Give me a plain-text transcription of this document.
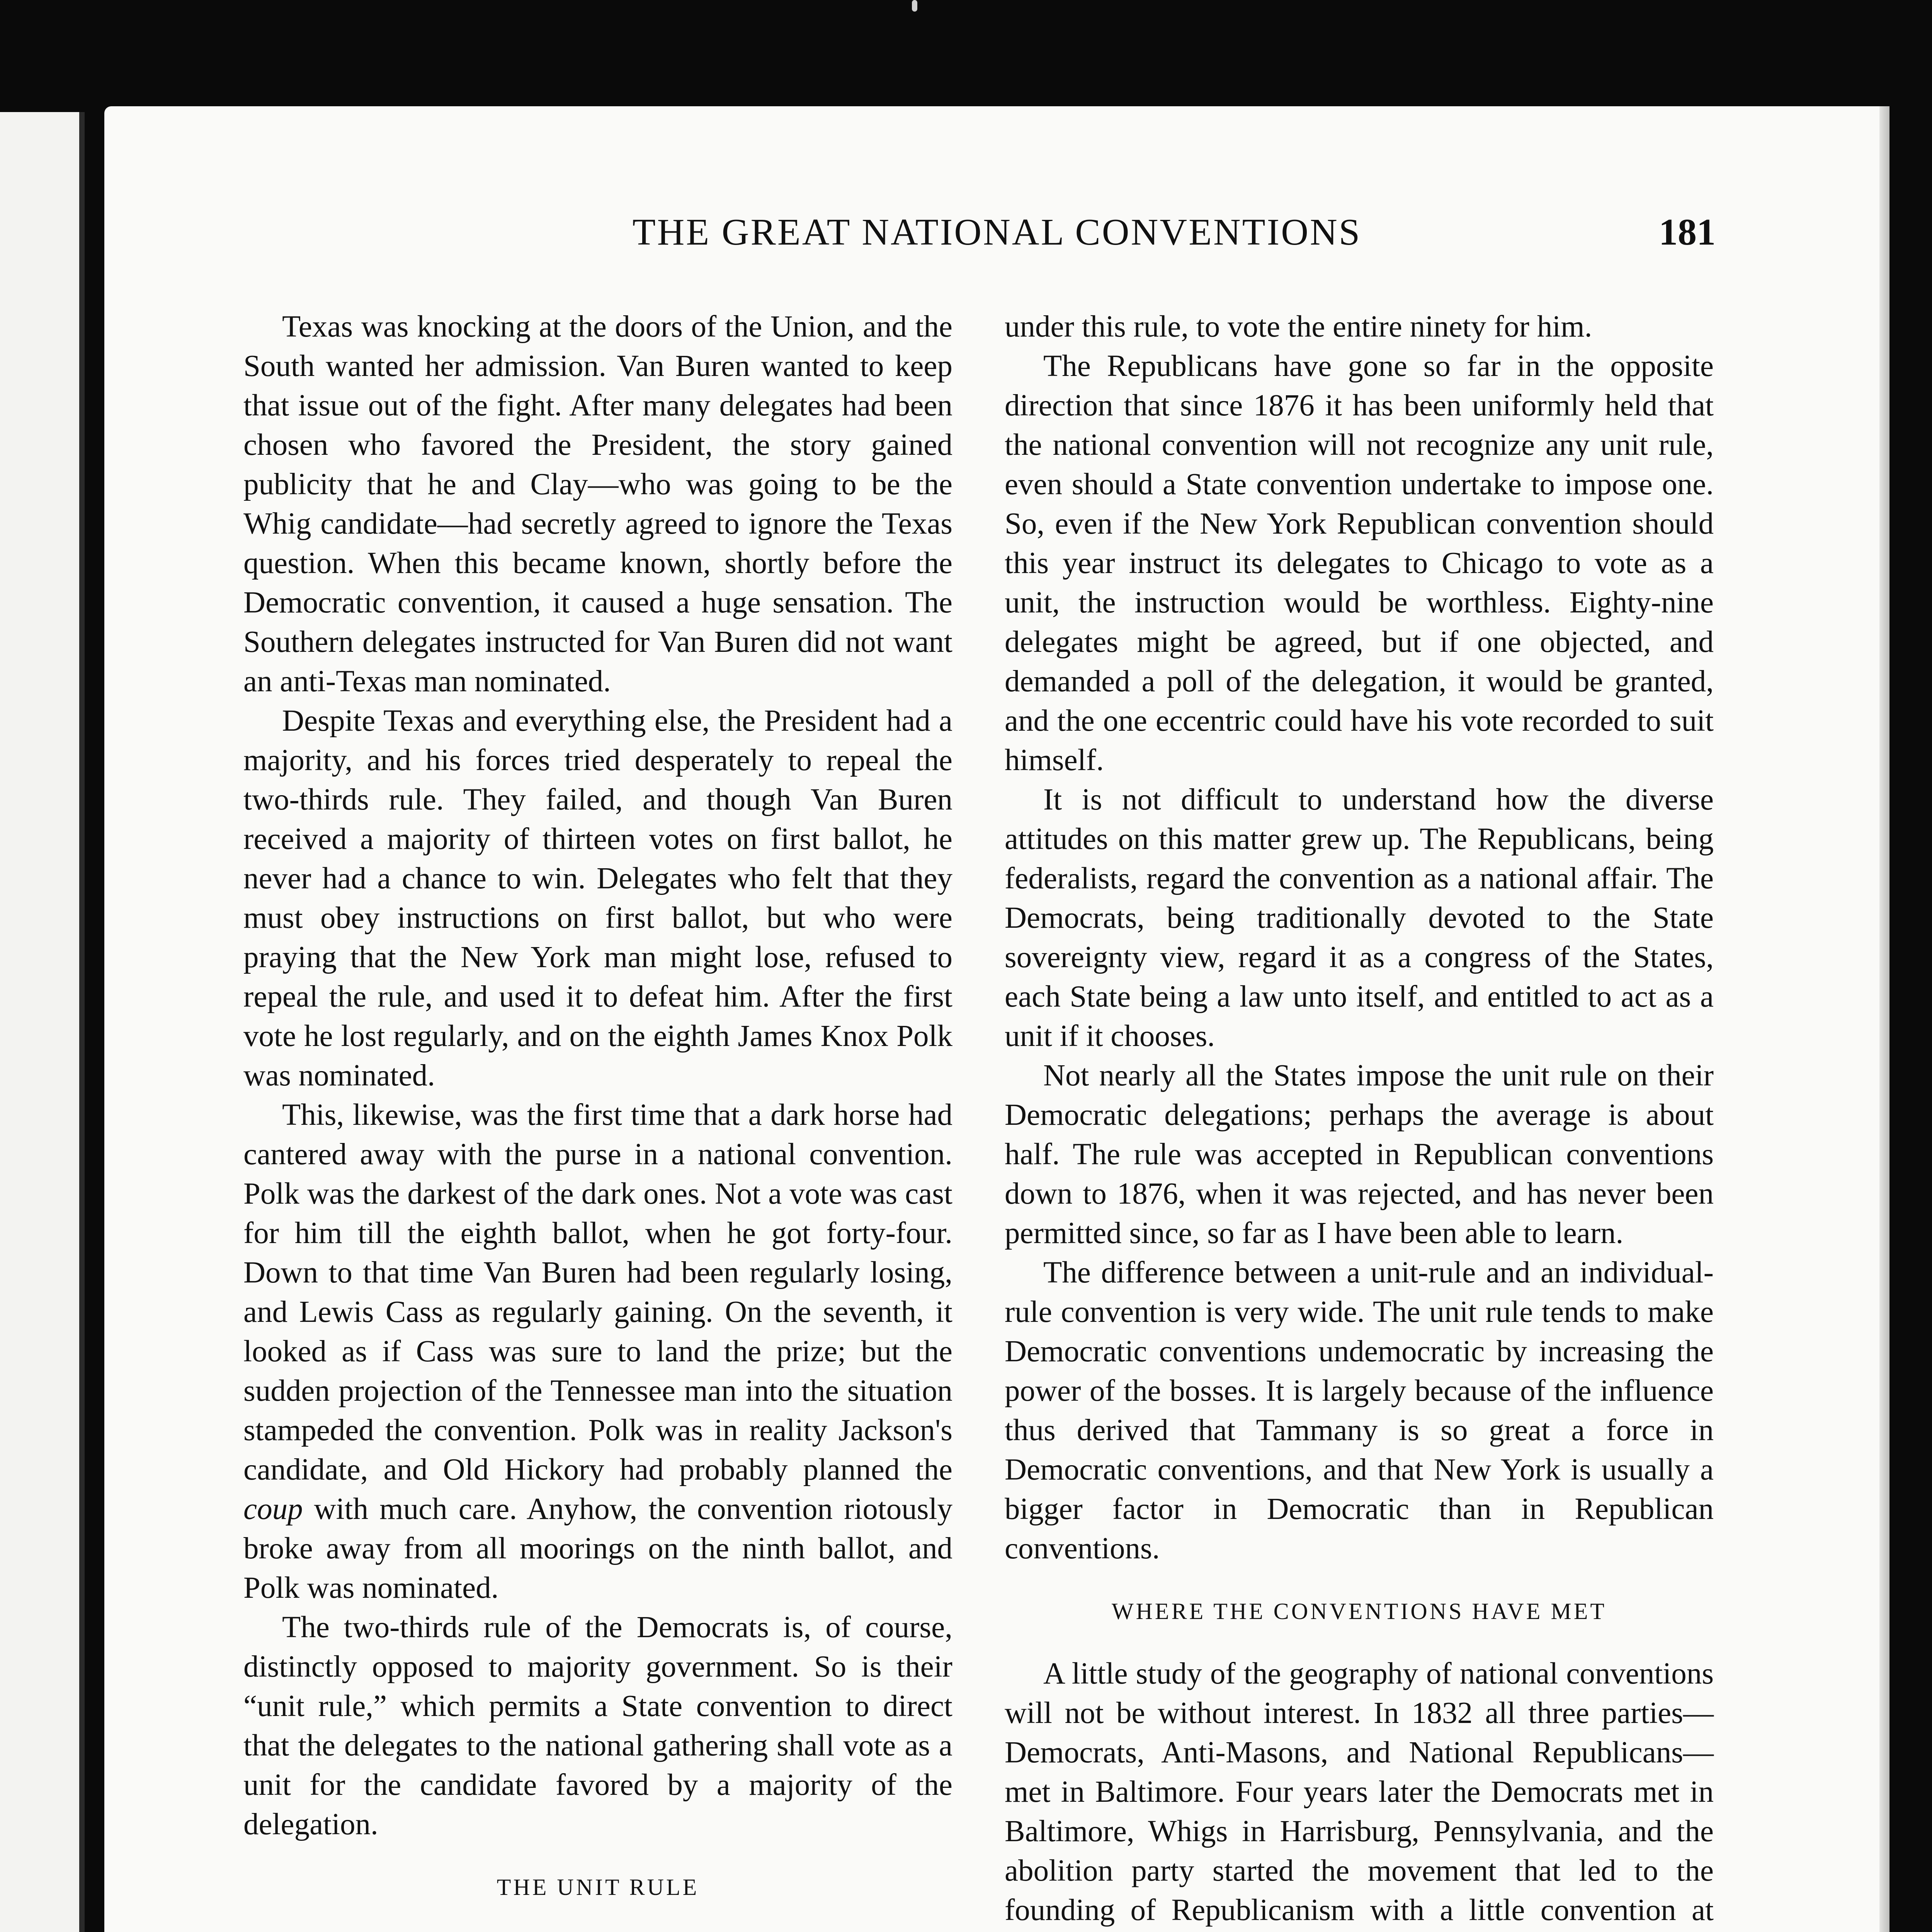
THE GREAT NATIONAL CONVENTIONS	181

Texas was knocking at the doors of the Union, and the South wanted her admission. Van Buren wanted to keep that issue out of the fight. After many delegates had been chosen who favored the President, the story gained publicity that he and Clay—who was going to be the Whig candidate—had secretly agreed to ignore the Texas question. When this became known, shortly before the Democratic convention, it caused a huge sensation. The Southern delegates instructed for Van Buren did not want an anti-Texas man nominated.

Despite Texas and everything else, the President had a majority, and his forces tried desperately to repeal the two-thirds rule. They failed, and though Van Buren received a majority of thirteen votes on first ballot, he never had a chance to win. Delegates who felt that they must obey instructions on first ballot, but who were praying that the New York man might lose, refused to repeal the rule, and used it to defeat him. After the first vote he lost regularly, and on the eighth James Knox Polk was nominated.

This, likewise, was the first time that a dark horse had cantered away with the purse in a national convention. Polk was the darkest of the dark ones. Not a vote was cast for him till the eighth ballot, when he got forty-four. Down to that time Van Buren had been regularly losing, and Lewis Cass as regularly gaining. On the seventh, it looked as if Cass was sure to land the prize; but the sudden projection of the Tennessee man into the situation stampeded the convention. Polk was in reality Jackson's candidate, and Old Hickory had probably planned the coup with much care. Anyhow, the convention riotously broke away from all moorings on the ninth ballot, and Polk was nominated.

The two-thirds rule of the Democrats is, of course, distinctly opposed to majority government. So is their “unit rule,” which permits a State convention to direct that the delegates to the national gathering shall vote as a unit for the candidate favored by a majority of the delegation.

THE UNIT RULE

under this rule, to vote the entire ninety for him.

The Republicans have gone so far in the opposite direction that since 1876 it has been uniformly held that the national convention will not recognize any unit rule, even should a State convention undertake to impose one. So, even if the New York Republican convention should this year instruct its delegates to Chicago to vote as a unit, the instruction would be worthless. Eighty-nine delegates might be agreed, but if one objected, and demanded a poll of the delegation, it would be granted, and the one eccentric could have his vote recorded to suit himself.

It is not difficult to understand how the diverse attitudes on this matter grew up. The Republicans, being federalists, regard the convention as a national affair. The Democrats, being traditionally devoted to the State sovereignty view, regard it as a congress of the States, each State being a law unto itself, and entitled to act as a unit if it chooses.

Not nearly all the States impose the unit rule on their Democratic delegations; perhaps the average is about half. The rule was accepted in Republican conventions down to 1876, when it was rejected, and has never been permitted since, so far as I have been able to learn.

The difference between a unit-rule and an individual-rule convention is very wide. The unit rule tends to make Democratic conventions undemocratic by increasing the power of the bosses. It is largely because of the influence thus derived that Tammany is so great a force in Democratic conventions, and that New York is usually a bigger factor in Democratic than in Republican conventions.

WHERE THE CONVENTIONS HAVE MET

A little study of the geography of national conventions will not be without interest. In 1832 all three parties—Democrats, Anti-Masons, and National Republicans—met in Baltimore. Four years later the Democrats met in Baltimore, Whigs in Harrisburg, Pennsylvania, and the abolition party started the movement that led to the founding of Republicanism with a little convention at
